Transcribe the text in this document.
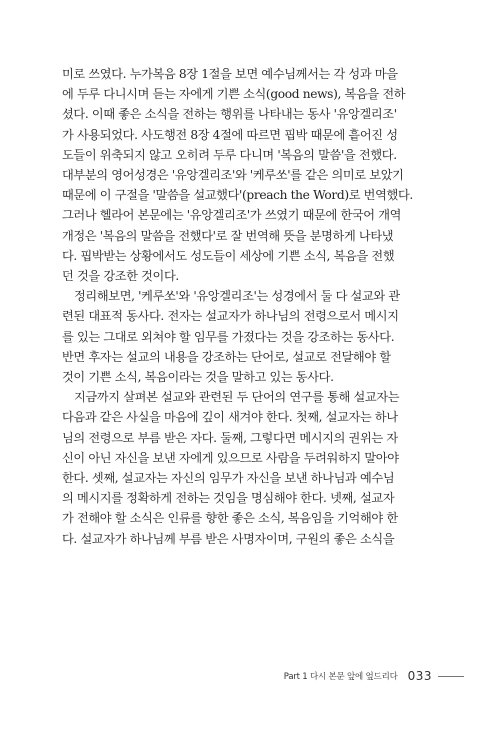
미로 쓰였다. 누가복음 8장 1절을 보면 예수님께서는 각 성과 마을
에 두루 다니시며 듣는 자에게 기쁜 소식(good news), 복음을 전하
셨다. 이때 좋은 소식을 전하는 행위를 나타내는 동사 '유앙겔리조'
가 사용되었다. 사도행전 8장 4절에 따르면 핍박 때문에 흩어진 성
도들이 위축되지 않고 오히려 두루 다니며 '복음의 말씀'을 전했다.
대부분의 영어성경은 '유앙겔리조'와 '케루쏘'를 같은 의미로 보았기
때문에 이 구절을 '말씀을 설교했다'(preach the Word)로 번역했다.
그러나 헬라어 본문에는 '유앙겔리조'가 쓰였기 때문에 한국어 개역
개정은 '복음의 말씀을 전했다'로 잘 번역해 뜻을 분명하게 나타냈
다. 핍박받는 상황에서도 성도들이 세상에 기쁜 소식, 복음을 전했
던 것을 강조한 것이다.
정리해보면, '케루쏘'와 '유앙겔리조'는 성경에서 둘 다 설교와 관
련된 대표적 동사다. 전자는 설교자가 하나님의 전령으로서 메시지
를 있는 그대로 외쳐야 할 임무를 가졌다는 것을 강조하는 동사다.
반면 후자는 설교의 내용을 강조하는 단어로, 설교로 전달해야 할
것이 기쁜 소식, 복음이라는 것을 말하고 있는 동사다.
지금까지 살펴본 설교와 관련된 두 단어의 연구를 통해 설교자는
다음과 같은 사실을 마음에 깊이 새겨야 한다. 첫째, 설교자는 하나
님의 전령으로 부름 받은 자다. 둘째, 그렇다면 메시지의 권위는 자
신이 아닌 자신을 보낸 자에게 있으므로 사람을 두려워하지 말아야
한다. 셋째, 설교자는 자신의 임무가 자신을 보낸 하나님과 예수님
의 메시지를 정확하게 전하는 것임을 명심해야 한다. 넷째, 설교자
가 전해야 할 소식은 인류를 향한 좋은 소식, 복음임을 기억해야 한
다. 설교자가 하나님께 부름 받은 사명자이며, 구원의 좋은 소식을
Part 1 다시 본문 앞에 엎드리다 033
